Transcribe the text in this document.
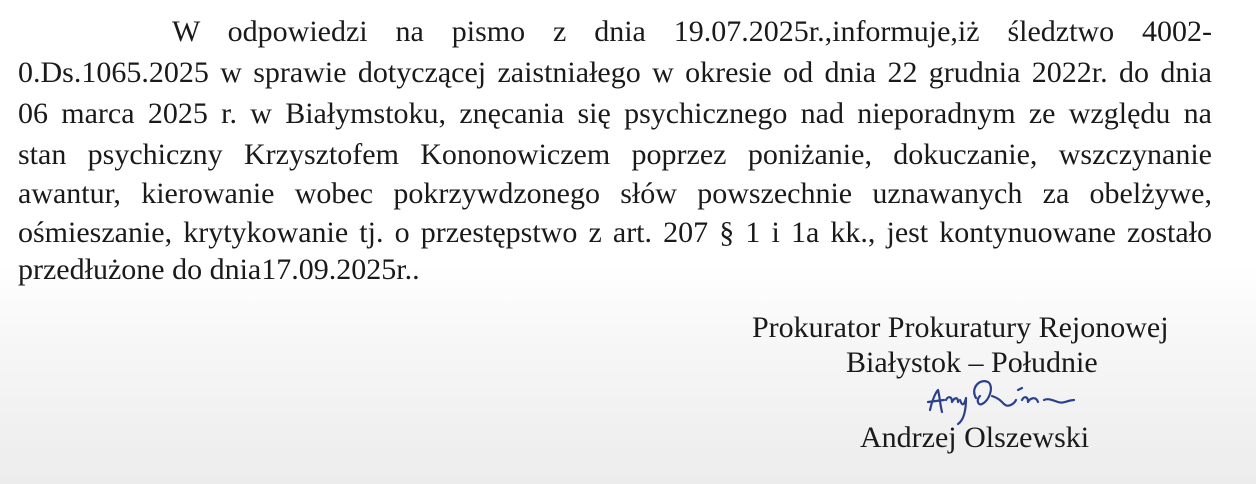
W odpowiedzi na pismo z dnia 19.07.2025r.,informuje,iż śledztwo 4002-
0.Ds.1065.2025 w sprawie dotyczącej zaistniałego w okresie od dnia 22 grudnia 2022r. do dnia
06 marca 2025 r. w Białymstoku, znęcania się psychicznego nad nieporadnym ze względu na
stan psychiczny Krzysztofem Kononowiczem poprzez poniżanie, dokuczanie, wszczynanie
awantur, kierowanie wobec pokrzywdzonego słów powszechnie uznawanych za obelżywe,
ośmieszanie, krytykowanie tj. o przestępstwo z art. 207 § 1 i 1a kk., jest kontynuowane zostało
przedłużone do dnia17.09.2025r..
Prokurator Prokuratury Rejonowej
Białystok – Południe
Andrzej Olszewski
